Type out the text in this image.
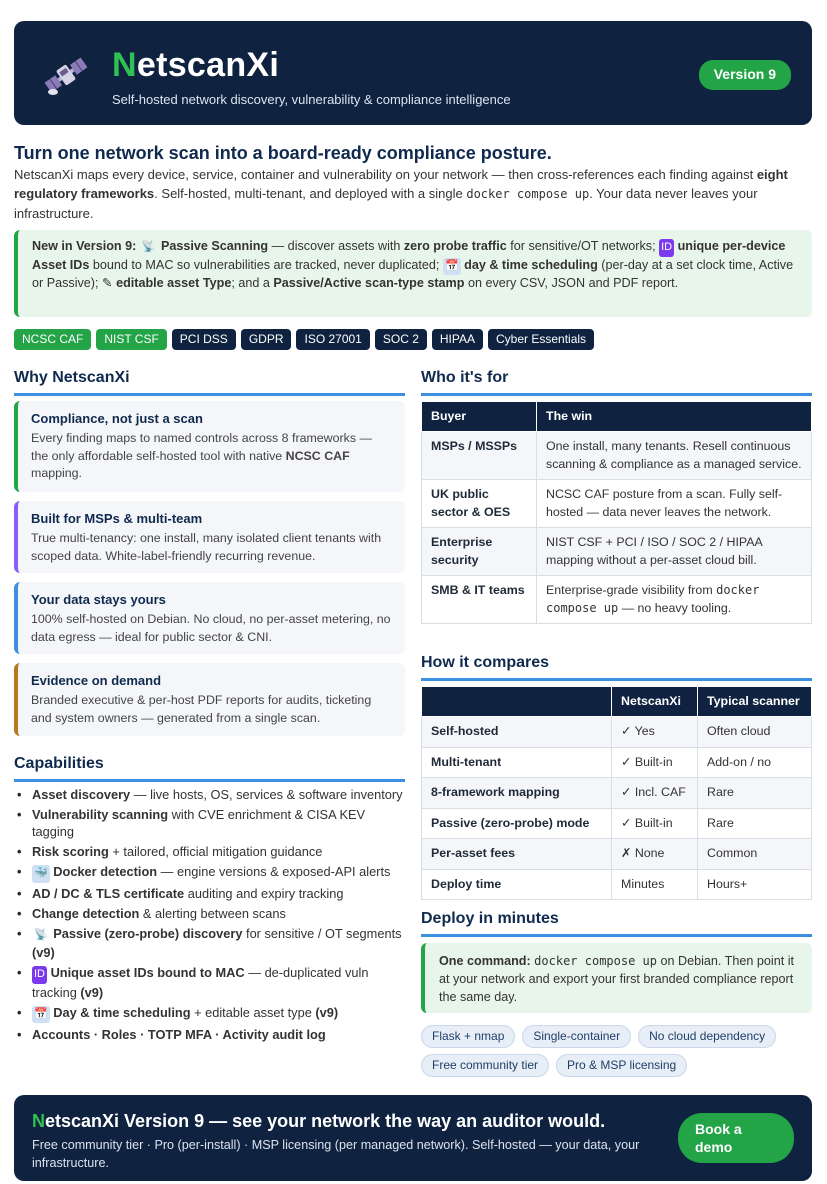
NetscanXi
Self-hosted network discovery, vulnerability & compliance intelligence
Version 9
Turn one network scan into a board-ready compliance posture.
NetscanXi maps every device, service, container and vulnerability on your network — then cross-references each finding against eight regulatory frameworks. Self-hosted, multi-tenant, and deployed with a single docker compose up. Your data never leaves your infrastructure.
New in Version 9: 📡 Passive Scanning — discover assets with zero probe traffic for sensitive/OT networks; ID unique per-device Asset IDs bound to MAC so vulnerabilities are tracked, never duplicated; 📅 day & time scheduling (per-day at a set clock time, Active or Passive); ✎ editable asset Type; and a Passive/Active scan-type stamp on every CSV, JSON and PDF report.
NCSC CAF	NIST CSF	PCI DSS	GDPR	ISO 27001	SOC 2	HIPAA	Cyber Essentials
Why NetscanXi
Compliance, not just a scan
Every finding maps to named controls across 8 frameworks — the only affordable self-hosted tool with native NCSC CAF mapping.
Built for MSPs & multi-team
True multi-tenancy: one install, many isolated client tenants with scoped data. White-label-friendly recurring revenue.
Your data stays yours
100% self-hosted on Debian. No cloud, no per-asset metering, no data egress — ideal for public sector & CNI.
Evidence on demand
Branded executive & per-host PDF reports for audits, ticketing and system owners — generated from a single scan.
Capabilities
• Asset discovery — live hosts, OS, services & software inventory
• Vulnerability scanning with CVE enrichment & CISA KEV tagging
• Risk scoring + tailored, official mitigation guidance
• 🐳 Docker detection — engine versions & exposed-API alerts
• AD / DC & TLS certificate auditing and expiry tracking
• Change detection & alerting between scans
• 📡 Passive (zero-probe) discovery for sensitive / OT segments (v9)
• ID Unique asset IDs bound to MAC — de-duplicated vuln tracking (v9)
• 📅 Day & time scheduling + editable asset type (v9)
• Accounts · Roles · TOTP MFA · Activity audit log
Who it's for
Buyer	The win
MSPs / MSSPs	One install, many tenants. Resell continuous scanning & compliance as a managed service.
UK public sector & OES	NCSC CAF posture from a scan. Fully self-hosted — data never leaves the network.
Enterprise security	NIST CSF + PCI / ISO / SOC 2 / HIPAA mapping without a per-asset cloud bill.
SMB & IT teams	Enterprise-grade visibility from docker compose up — no heavy tooling.
How it compares
	NetscanXi	Typical scanner
Self-hosted	✓ Yes	Often cloud
Multi-tenant	✓ Built-in	Add-on / no
8-framework mapping	✓ Incl. CAF	Rare
Passive (zero-probe) mode	✓ Built-in	Rare
Per-asset fees	✗ None	Common
Deploy time	Minutes	Hours+
Deploy in minutes
One command: docker compose up on Debian. Then point it at your network and export your first branded compliance report the same day.
Flask + nmap	Single-container	No cloud dependency
Free community tier	Pro & MSP licensing
NetscanXi Version 9 — see your network the way an auditor would.
Free community tier · Pro (per-install) · MSP licensing (per managed network). Self-hosted — your data, your infrastructure.
Book a demo
